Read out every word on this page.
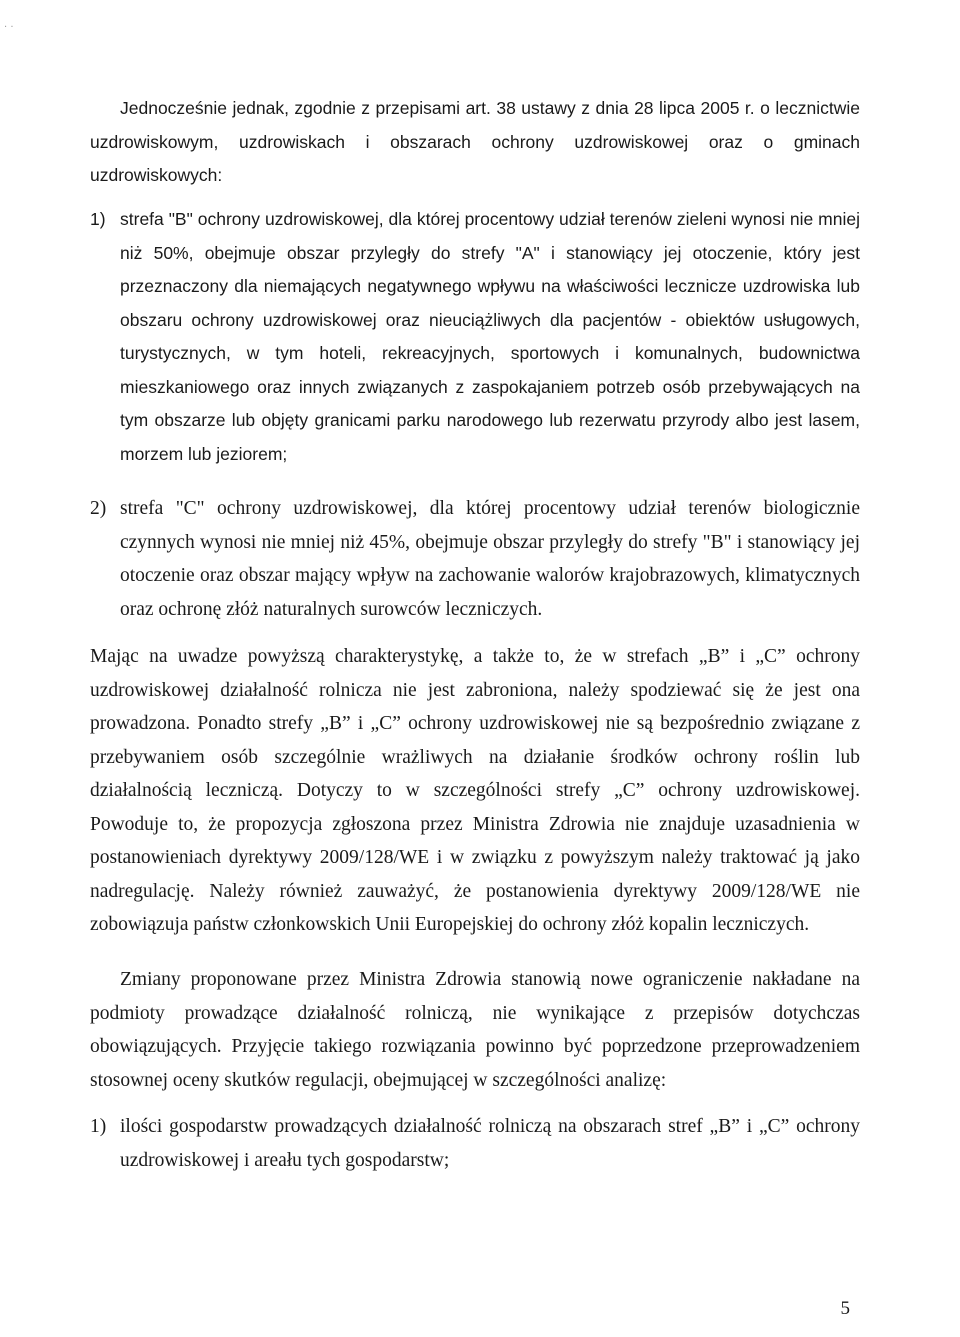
· ·

Jednocześnie jednak, zgodnie z przepisami art. 38 ustawy z dnia 28 lipca 2005 r. o lecznictwie uzdrowiskowym, uzdrowiskach i obszarach ochrony uzdrowiskowej oraz o gminach uzdrowiskowych:

1) strefa "B" ochrony uzdrowiskowej, dla której procentowy udział terenów zieleni wynosi nie mniej niż 50%, obejmuje obszar przyległy do strefy "A" i stanowiący jej otoczenie, który jest przeznaczony dla niemających negatywnego wpływu na właściwości lecznicze uzdrowiska lub obszaru ochrony uzdrowiskowej oraz nieuciążliwych dla pacjentów - obiektów usługowych, turystycznych, w tym hoteli, rekreacyjnych, sportowych i komunalnych, budownictwa mieszkaniowego oraz innych związanych z zaspokajaniem potrzeb osób przebywających na tym obszarze lub objęty granicami parku narodowego lub rezerwatu przyrody albo jest lasem, morzem lub jeziorem;
2) strefa "C" ochrony uzdrowiskowej, dla której procentowy udział terenów biologicznie czynnych wynosi nie mniej niż 45%, obejmuje obszar przyległy do strefy "B" i stanowiący jej otoczenie oraz obszar mający wpływ na zachowanie walorów krajobrazowych, klimatycznych oraz ochronę złóż naturalnych surowców leczniczych.

Mając na uwadze powyższą charakterystykę, a także to, że w strefach „B” i „C” ochrony uzdrowiskowej działalność rolnicza nie jest zabroniona, należy spodziewać się że jest ona prowadzona. Ponadto strefy „B” i „C” ochrony uzdrowiskowej nie są bezpośrednio związane z przebywaniem osób szczególnie wrażliwych na działanie środków ochrony roślin lub działalnością leczniczą. Dotyczy to w szczególności strefy „C” ochrony uzdrowiskowej. Powoduje to, że propozycja zgłoszona przez Ministra Zdrowia nie znajduje uzasadnienia w postanowieniach dyrektywy 2009/128/WE i w związku z powyższym należy traktować ją jako nadregulację. Należy również zauważyć, że postanowienia dyrektywy 2009/128/WE nie zobowiązuja państw członkowskich Unii Europejskiej do ochrony złóż kopalin leczniczych.

Zmiany proponowane przez Ministra Zdrowia stanowią nowe ograniczenie nakładane na podmioty prowadzące działalność rolniczą, nie wynikające z przepisów dotychczas obowiązujących. Przyjęcie takiego rozwiązania powinno być poprzedzone przeprowadzeniem stosownej oceny skutków regulacji, obejmującej w szczególności analizę:

1) ilości gospodarstw prowadzących działalność rolniczą na obszarach stref „B” i „C” ochrony uzdrowiskowej i areału tych gospodarstw;
5
